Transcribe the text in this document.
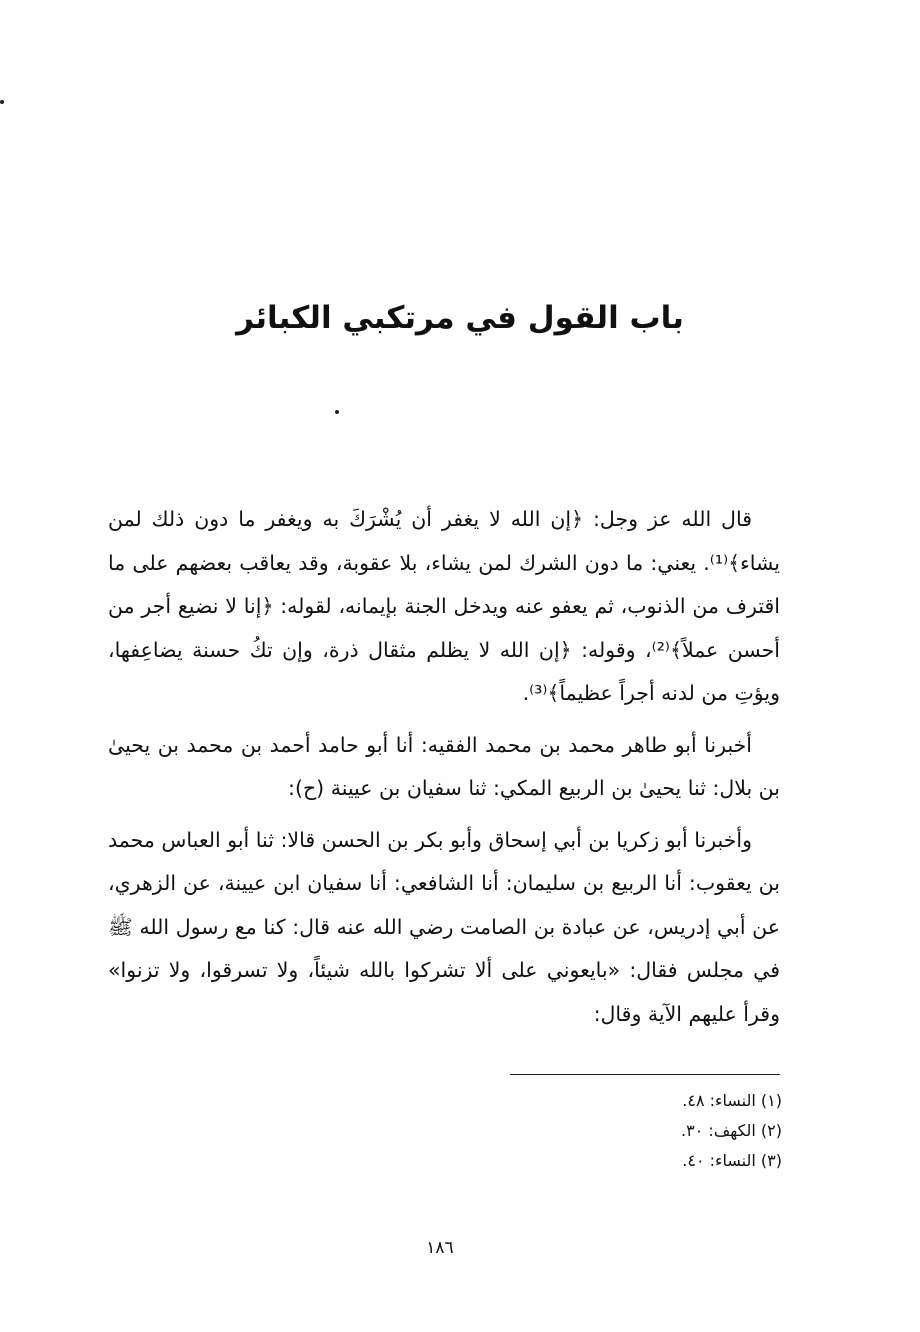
باب القول في مرتكبي الكبائر

قال الله عز وجل: ﴿إن الله لا يغفر أن يُشْرَكَ به ويغفر ما دون ذلك لمن يشاء﴾⁽¹⁾. يعني: ما دون الشرك لمن يشاء، بلا عقوبة، وقد يعاقب بعضهم على ما اقترف من الذنوب، ثم يعفو عنه ويدخل الجنة بإيمانه، لقوله: ﴿إنا لا نضيع أجر من أحسن عملاً﴾⁽²⁾، وقوله: ﴿إن الله لا يظلم مثقال ذرة، وإن تكُ حسنة يضاعِفها، ويؤتِ من لدنه أجراً عظيماً﴾⁽³⁾.

أخبرنا أبو طاهر محمد بن محمد الفقيه: أنا أبو حامد أحمد بن محمد بن يحيىٰ بن بلال: ثنا يحيىٰ بن الربيع المكي: ثنا سفيان بن عيينة (ح):

وأخبرنا أبو زكريا بن أبي إسحاق وأبو بكر بن الحسن قالا: ثنا أبو العباس محمد بن يعقوب: أنا الربيع بن سليمان: أنا الشافعي: أنا سفيان ابن عيينة، عن الزهري، عن أبي إدريس، عن عبادة بن الصامت رضي الله عنه قال: كنا مع رسول الله ﷺ في مجلس فقال: «بايعوني على ألا تشركوا بالله شيئاً، ولا تسرقوا، ولا تزنوا» وقرأ عليهم الآية وقال:

(١) النساء: ٤٨.
(٢) الكهف: ٣٠.
(٣) النساء: ٤٠.
١٨٦
